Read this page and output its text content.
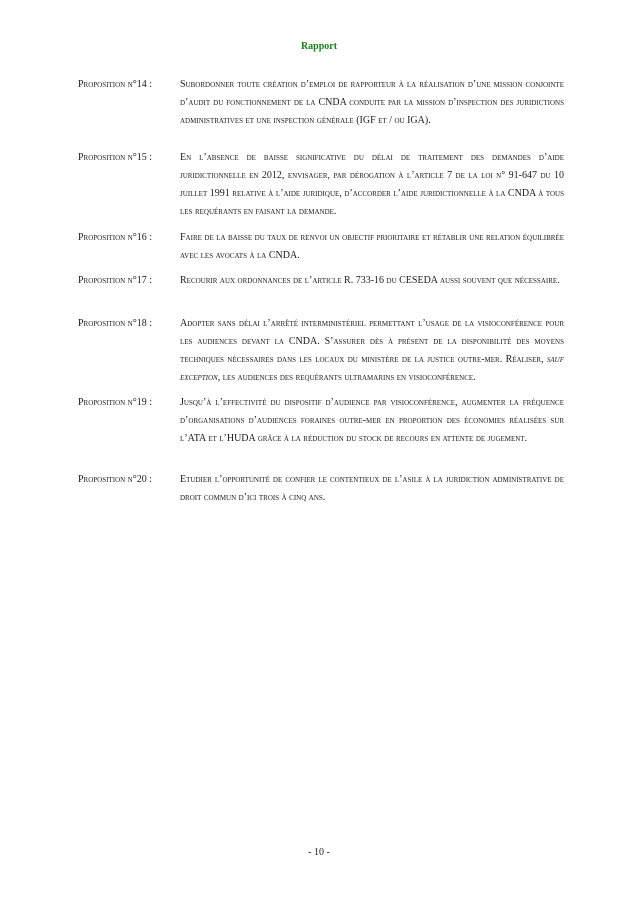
Rapport
Proposition n°14 :	Subordonner toute création d’emploi de rapporteur à la réalisation d’une mission conjointe d’audit du fonctionnement de la CNDA conduite par la mission d’inspection des juridictions administratives et une inspection générale (IGF et / ou IGA).
Proposition n°15 :	En l’absence de baisse significative du délai de traitement des demandes d’aide juridictionnelle en 2012, envisager, par dérogation à l’article 7 de la loi n° 91-647 du 10 juillet 1991 relative à l’aide juridique, d’accorder l’aide juridictionnelle à la CNDA à tous les requérants en faisant la demande.
Proposition n°16 :	Faire de la baisse du taux de renvoi un objectif prioritaire et rétablir une relation équilibrée avec les avocats à la CNDA.
Proposition n°17 :	Recourir aux ordonnances de l’article R. 733-16 du CESEDA aussi souvent que nécessaire.
Proposition n°18 :	Adopter sans délai l’arrêté interministériel permettant l’usage de la visioconférence pour les audiences devant la CNDA. S’assurer dès à présent de la disponibilité des moyens techniques nécessaires dans les locaux du ministère de la justice outre-mer. Réaliser, sauf exception, les audiences des requérants ultramarins en visioconférence.
Proposition n°19 :	Jusqu’à l’effectivité du dispositif d’audience par visioconférence, augmenter la fréquence d’organisations d’audiences foraines outre-mer en proportion des économies réalisées sur l’ATA et l’HUDA grâce à la réduction du stock de recours en attente de jugement.
Proposition n°20 :	Etudier l’opportunité de confier le contentieux de l’asile à la juridiction administrative de droit commun d’ici trois à cinq ans.
- 10 -
